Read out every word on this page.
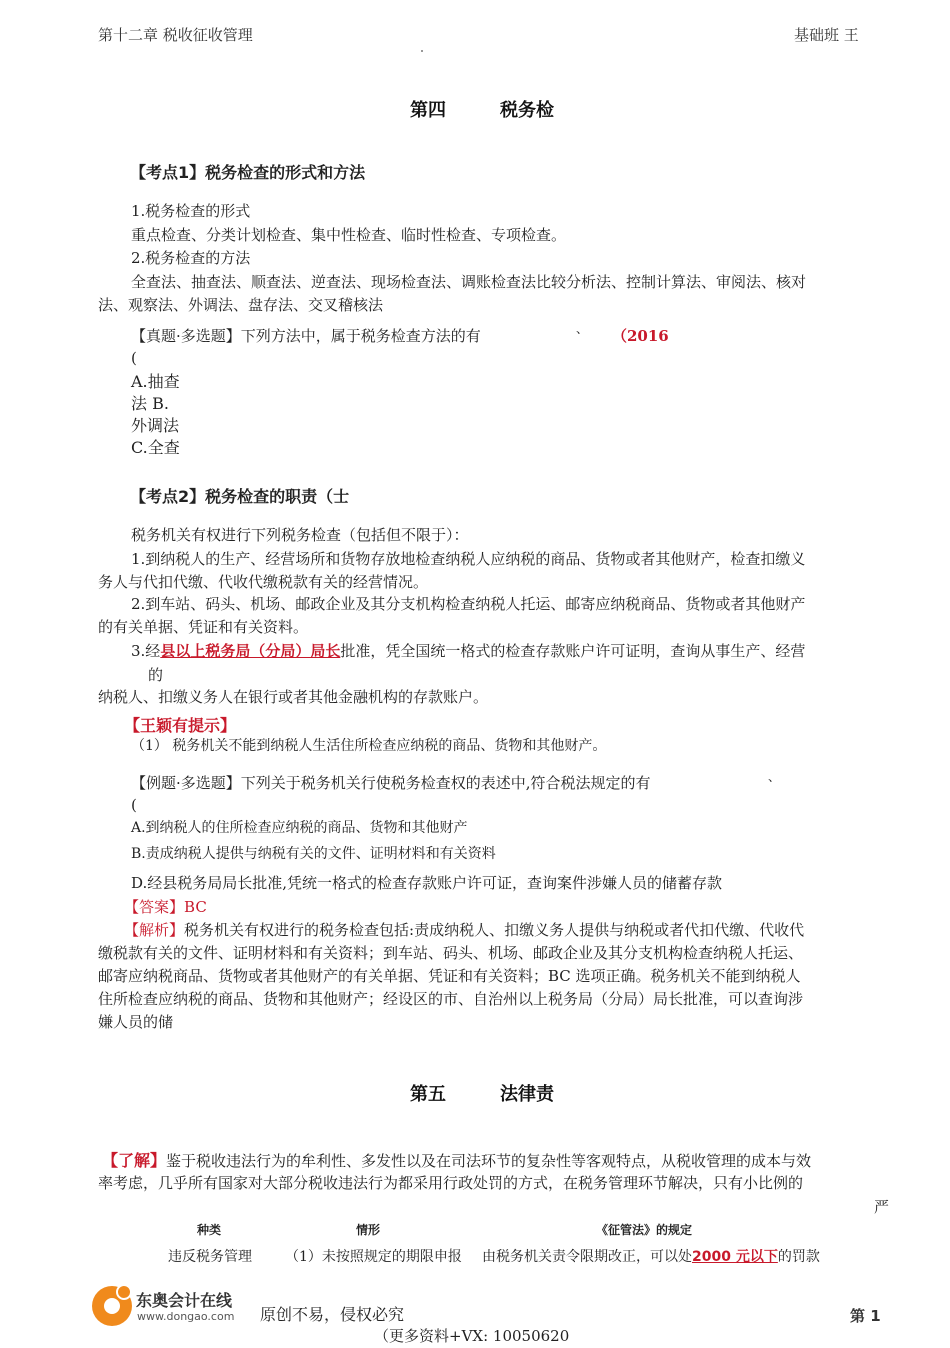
第十二章 税收征收管理	基础班 王
第四	税务检
【考点1】税务检查的形式和方法
1.税务检查的形式
重点检查、分类计划检查、集中性检查、临时性检查、专项检查。
2.税务检查的方法
全查法、抽查法、顺查法、逆查法、现场检查法、调账检查法比较分析法、控制计算法、审阅法、核对
法、观察法、外调法、盘存法、交叉稽核法
【真题·多选题】下列方法中，属于税务检查方法的有	、 （2016
(
A.抽查
法 B.
外调法
C.全查
【考点2】税务检查的职责（士
税务机关有权进行下列税务检查（包括但不限于）：
1.到纳税人的生产、经营场所和货物存放地检查纳税人应纳税的商品、货物或者其他财产，检查扣缴义
务人与代扣代缴、代收代缴税款有关的经营情况。
2.到车站、码头、机场、邮政企业及其分支机构检查纳税人托运、邮寄应纳税商品、货物或者其他财产
的有关单据、凭证和有关资料。
3.经县以上税务局（分局）局长批准，凭全国统一格式的检查存款账户许可证明，查询从事生产、经营
的
纳税人、扣缴义务人在银行或者其他金融机构的存款账户。
【王颖有提示】
（1） 税务机关不能到纳税人生活住所检查应纳税的商品、货物和其他财产。
【例题·多选题】下列关于税务机关行使税务检查权的表述中,符合税法规定的有	、
(
A.到纳税人的住所检查应纳税的商品、货物和其他财产
B.责成纳税人提供与纳税有关的文件、证明材料和有关资料
D.经县税务局局长批准,凭统一格式的检查存款账户许可证，查询案件涉嫌人员的储蓄存款
【答案】BC
【解析】税务机关有权进行的税务检查包括:责成纳税人、扣缴义务人提供与纳税或者代扣代缴、代收代
缴税款有关的文件、证明材料和有关资料；到车站、码头、机场、邮政企业及其分支机构检查纳税人托运、
邮寄应纳税商品、货物或者其他财产的有关单据、凭证和有关资料；BC 选项正确。税务机关不能到纳税人
住所检查应纳税的商品、货物和其他财产；经设区的市、自治州以上税务局（分局）局长批准，可以查询涉
嫌人员的储
第五	法律责
【了解】鉴于税收违法行为的牟利性、多发性以及在司法环节的复杂性等客观特点，从税收管理的成本与效
率考虑，几乎所有国家对大部分税收违法行为都采用行政处罚的方式，在税务管理环节解决，只有小比例的
严
种类	情形	《征管法》的规定
违反税务管理 （1）未按照规定的期限申报 由税务机关责令限期改正，可以处2000 元以下的罚款
东奥会计在线
www.dongao.com 原创不易，侵权必究	第 1
（更多资料+VX: 10050620
